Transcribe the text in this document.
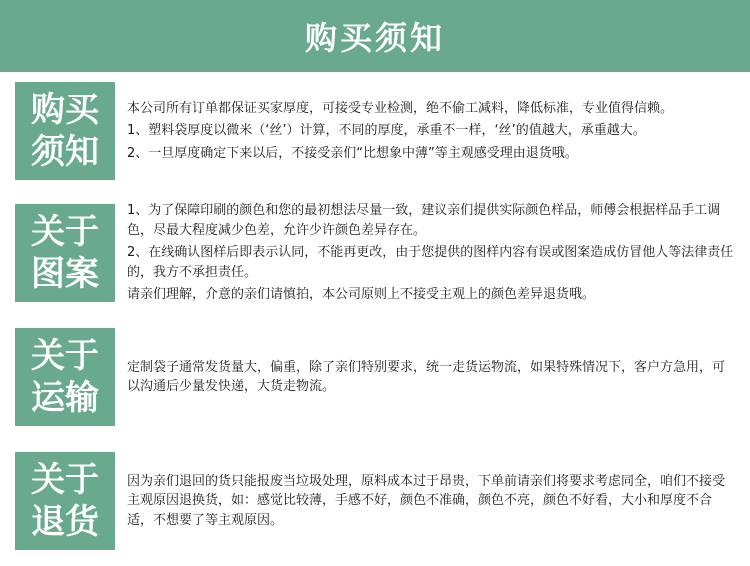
购买须知
购买须知

本公司所有订单都保证买家厚度，可接受专业检测，绝不偷工减料，降低标准，专业值得信赖。

1、塑料袋厚度以微米（‘丝’）计算，不同的厚度，承重不一样，‘丝’的值越大，承重越大。

2、一旦厚度确定下来以后，不接受亲们“比想象中薄”等主观感受理由退货哦。

关于图案

1、为了保障印刷的颜色和您的最初想法尽量一致，建议亲们提供实际颜色样品，师傅会根据样品手工调色，尽最大程度减少色差，允许少许颜色差异存在。

2、在线确认图样后即表示认同，不能再更改，由于您提供的图样内容有误或图案造成仿冒他人等法律责任的，我方不承担责任。

请亲们理解，介意的亲们请慎拍，本公司原则上不接受主观上的颜色差异退货哦。

关于运输

定制袋子通常发货量大，偏重，除了亲们特别要求，统一走货运物流，如果特殊情况下，客户方急用，可以沟通后少量发快递，大货走物流。

关于退货

因为亲们退回的货只能报废当垃圾处理，原料成本过于昂贵，下单前请亲们将要求考虑同全，咱们不接受主观原因退换货，如：感觉比较薄，手感不好，颜色不准确，颜色不亮，颜色不好看，大小和厚度不合适，不想要了等主观原因。
